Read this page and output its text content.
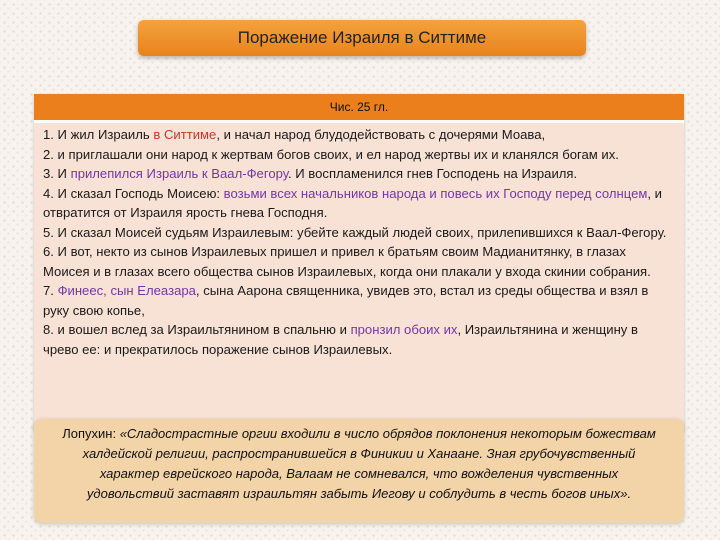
Поражение Израиля в Ситтиме
Чис. 25 гл.

1. И жил Израиль в Ситтиме, и начал народ блудодействовать с дочерями Моава,

2. и приглашали они народ к жертвам богов своих, и ел народ жертвы их и кланялся богам их.

3. И прилепился Израиль к Ваал-Фегору. И воспламенился гнев Господень на Израиля.

4. И сказал Господь Моисею: возьми всех начальников народа и повесь их Господу перед солнцем, и отвратится от Израиля ярость гнева Господня.

5. И сказал Моисей судьям Израилевым: убейте каждый людей своих, прилепившихся к Ваал-Фегору.

6. И вот, некто из сынов Израилевых пришел и привел к братьям своим Мадианитянку, в глазах Моисея и в глазах всего общества сынов Израилевых, когда они плакали у входа скинии собрания.

7. Финеес, сын Елеазара, сына Аарона священника, увидев это, встал из среды общества и взял в руку свою копье,

8. и вошел вслед за Израильтянином в спальню и пронзил обоих их, Израильтянина и женщину в чрево ее: и прекратилось поражение сынов Израилевых.

Лопухин: «Сладострастные оргии входили в число обрядов поклонения некоторым божествам халдейской религии, распространившейся в Финикии и Ханаане. Зная грубочувственный характер еврейского народа, Валаам не сомневался, что вожделения чувственных удовольствий заставят израильтян забыть Иегову и соблудить в честь богов иных».
